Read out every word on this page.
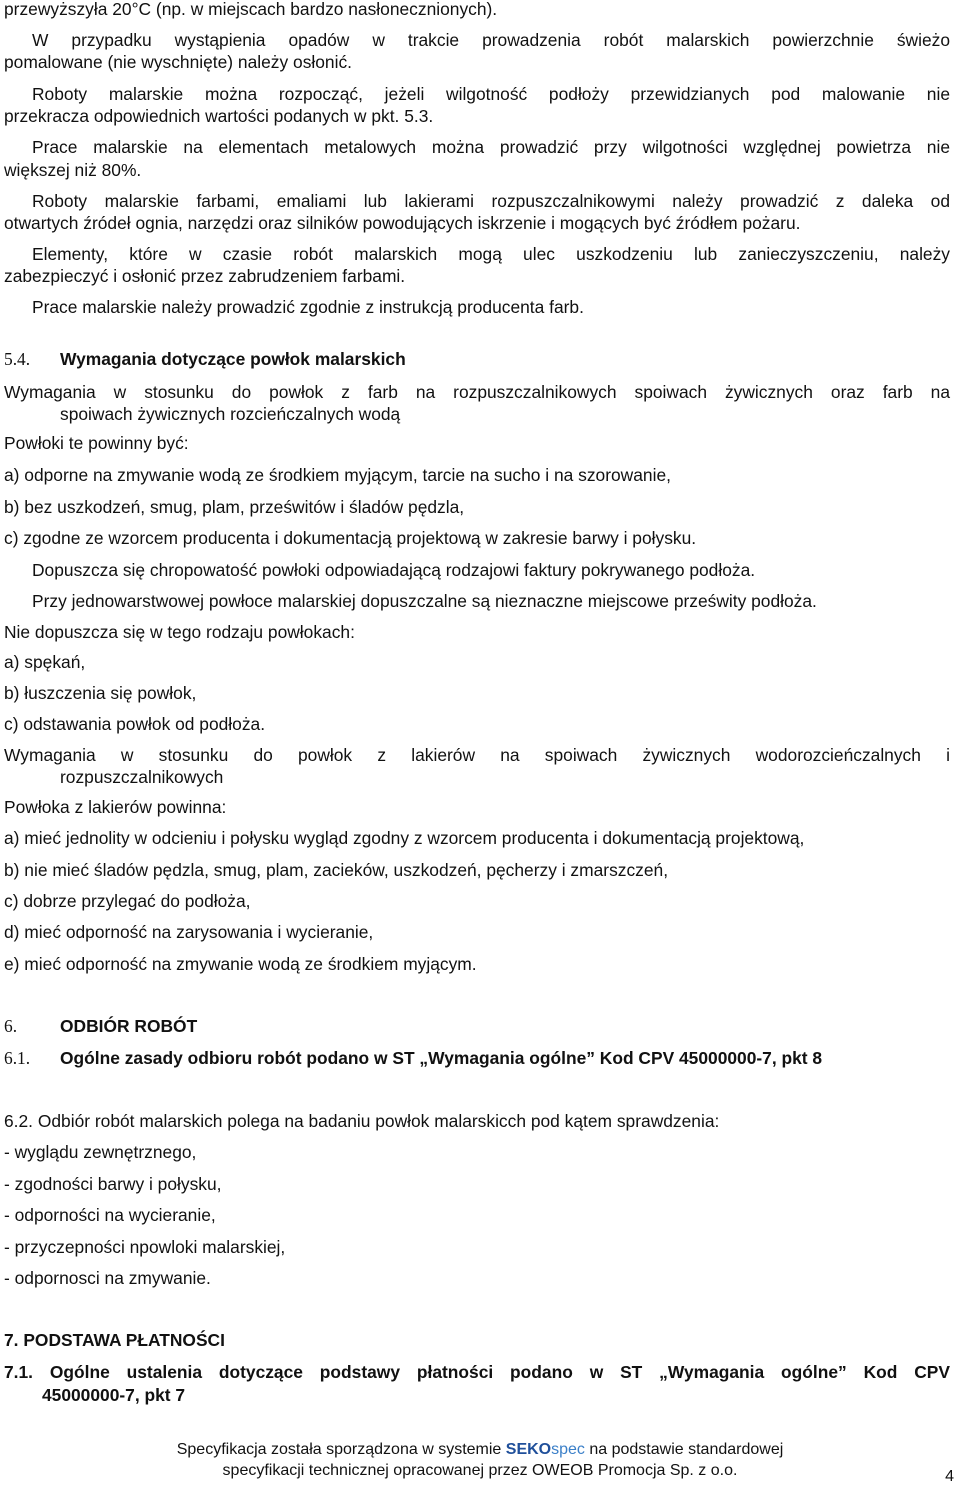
przewyższyła 20°C (np. w miejscach bardzo nasłonecznionych).
W przypadku wystąpienia opadów w trakcie prowadzenia robót malarskich powierzchnie świeżo
pomalowane (nie wyschnięte) należy osłonić.
Roboty malarskie można rozpocząć, jeżeli wilgotność podłoży przewidzianych pod malowanie nie
przekracza odpowiednich wartości podanych w pkt. 5.3.
Prace malarskie na elementach metalowych można prowadzić przy wilgotności względnej powietrza nie
większej niż 80%.
Roboty malarskie farbami, emaliami lub lakierami rozpuszczalnikowymi należy prowadzić z daleka od
otwartych źródeł ognia, narzędzi oraz silników powodujących iskrzenie i mogących być źródłem pożaru.
Elementy, które w czasie robót malarskich mogą ulec uszkodzeniu lub zanieczyszczeniu, należy
zabezpieczyć i osłonić przez zabrudzeniem farbami.
Prace malarskie należy prowadzić zgodnie z instrukcją producenta farb.
5.4. Wymagania dotyczące powłok malarskich
Wymagania w stosunku do powłok z farb na rozpuszczalnikowych spoiwach żywicznych oraz farb na
spoiwach żywicznych rozcieńczalnych wodą
Powłoki te powinny być:
a) odporne na zmywanie wodą ze środkiem myjącym, tarcie na sucho i na szorowanie,
b) bez uszkodzeń, smug, plam, prześwitów i śladów pędzla,
c) zgodne ze wzorcem producenta i dokumentacją projektową w zakresie barwy i połysku.
Dopuszcza się chropowatość powłoki odpowiadającą rodzajowi faktury pokrywanego podłoża.
Przy jednowarstwowej powłoce malarskiej dopuszczalne są nieznaczne miejscowe prześwity podłoża.
Nie dopuszcza się w tego rodzaju powłokach:
a) spękań,
b) łuszczenia się powłok,
c) odstawania powłok od podłoża.
Wymagania w stosunku do powłok z lakierów na spoiwach żywicznych wodorozcieńczalnych i
rozpuszczalnikowych
Powłoka z lakierów powinna:
a) mieć jednolity w odcieniu i połysku wygląd zgodny z wzorcem producenta i dokumentacją projektową,
b) nie mieć śladów pędzla, smug, plam, zacieków, uszkodzeń, pęcherzy i zmarszczeń,
c) dobrze przylegać do podłoża,
d) mieć odporność na zarysowania i wycieranie,
e) mieć odporność na zmywanie wodą ze środkiem myjącym.
6. ODBIÓR ROBÓT
6.1. Ogólne zasady odbioru robót podano w ST „Wymagania ogólne” Kod CPV 45000000-7, pkt 8
6.2. Odbiór robót malarskich polega na badaniu powłok malarskicch pod kątem sprawdzenia:
- wyglądu zewnętrznego,
- zgodności barwy i połysku,
- odporności na wycieranie,
- przyczepności npowloki malarskiej,
- odpornosci na zmywanie.
7. PODSTAWA PŁATNOŚCI
7.1. Ogólne ustalenia dotyczące podstawy płatności podano w ST „Wymagania ogólne” Kod CPV
45000000-7, pkt 7
Specyfikacja została sporządzona w systemie SEKOspec na podstawie standardowej
specyfikacji technicznej opracowanej przez OWEOB Promocja Sp. z o.o.	4
